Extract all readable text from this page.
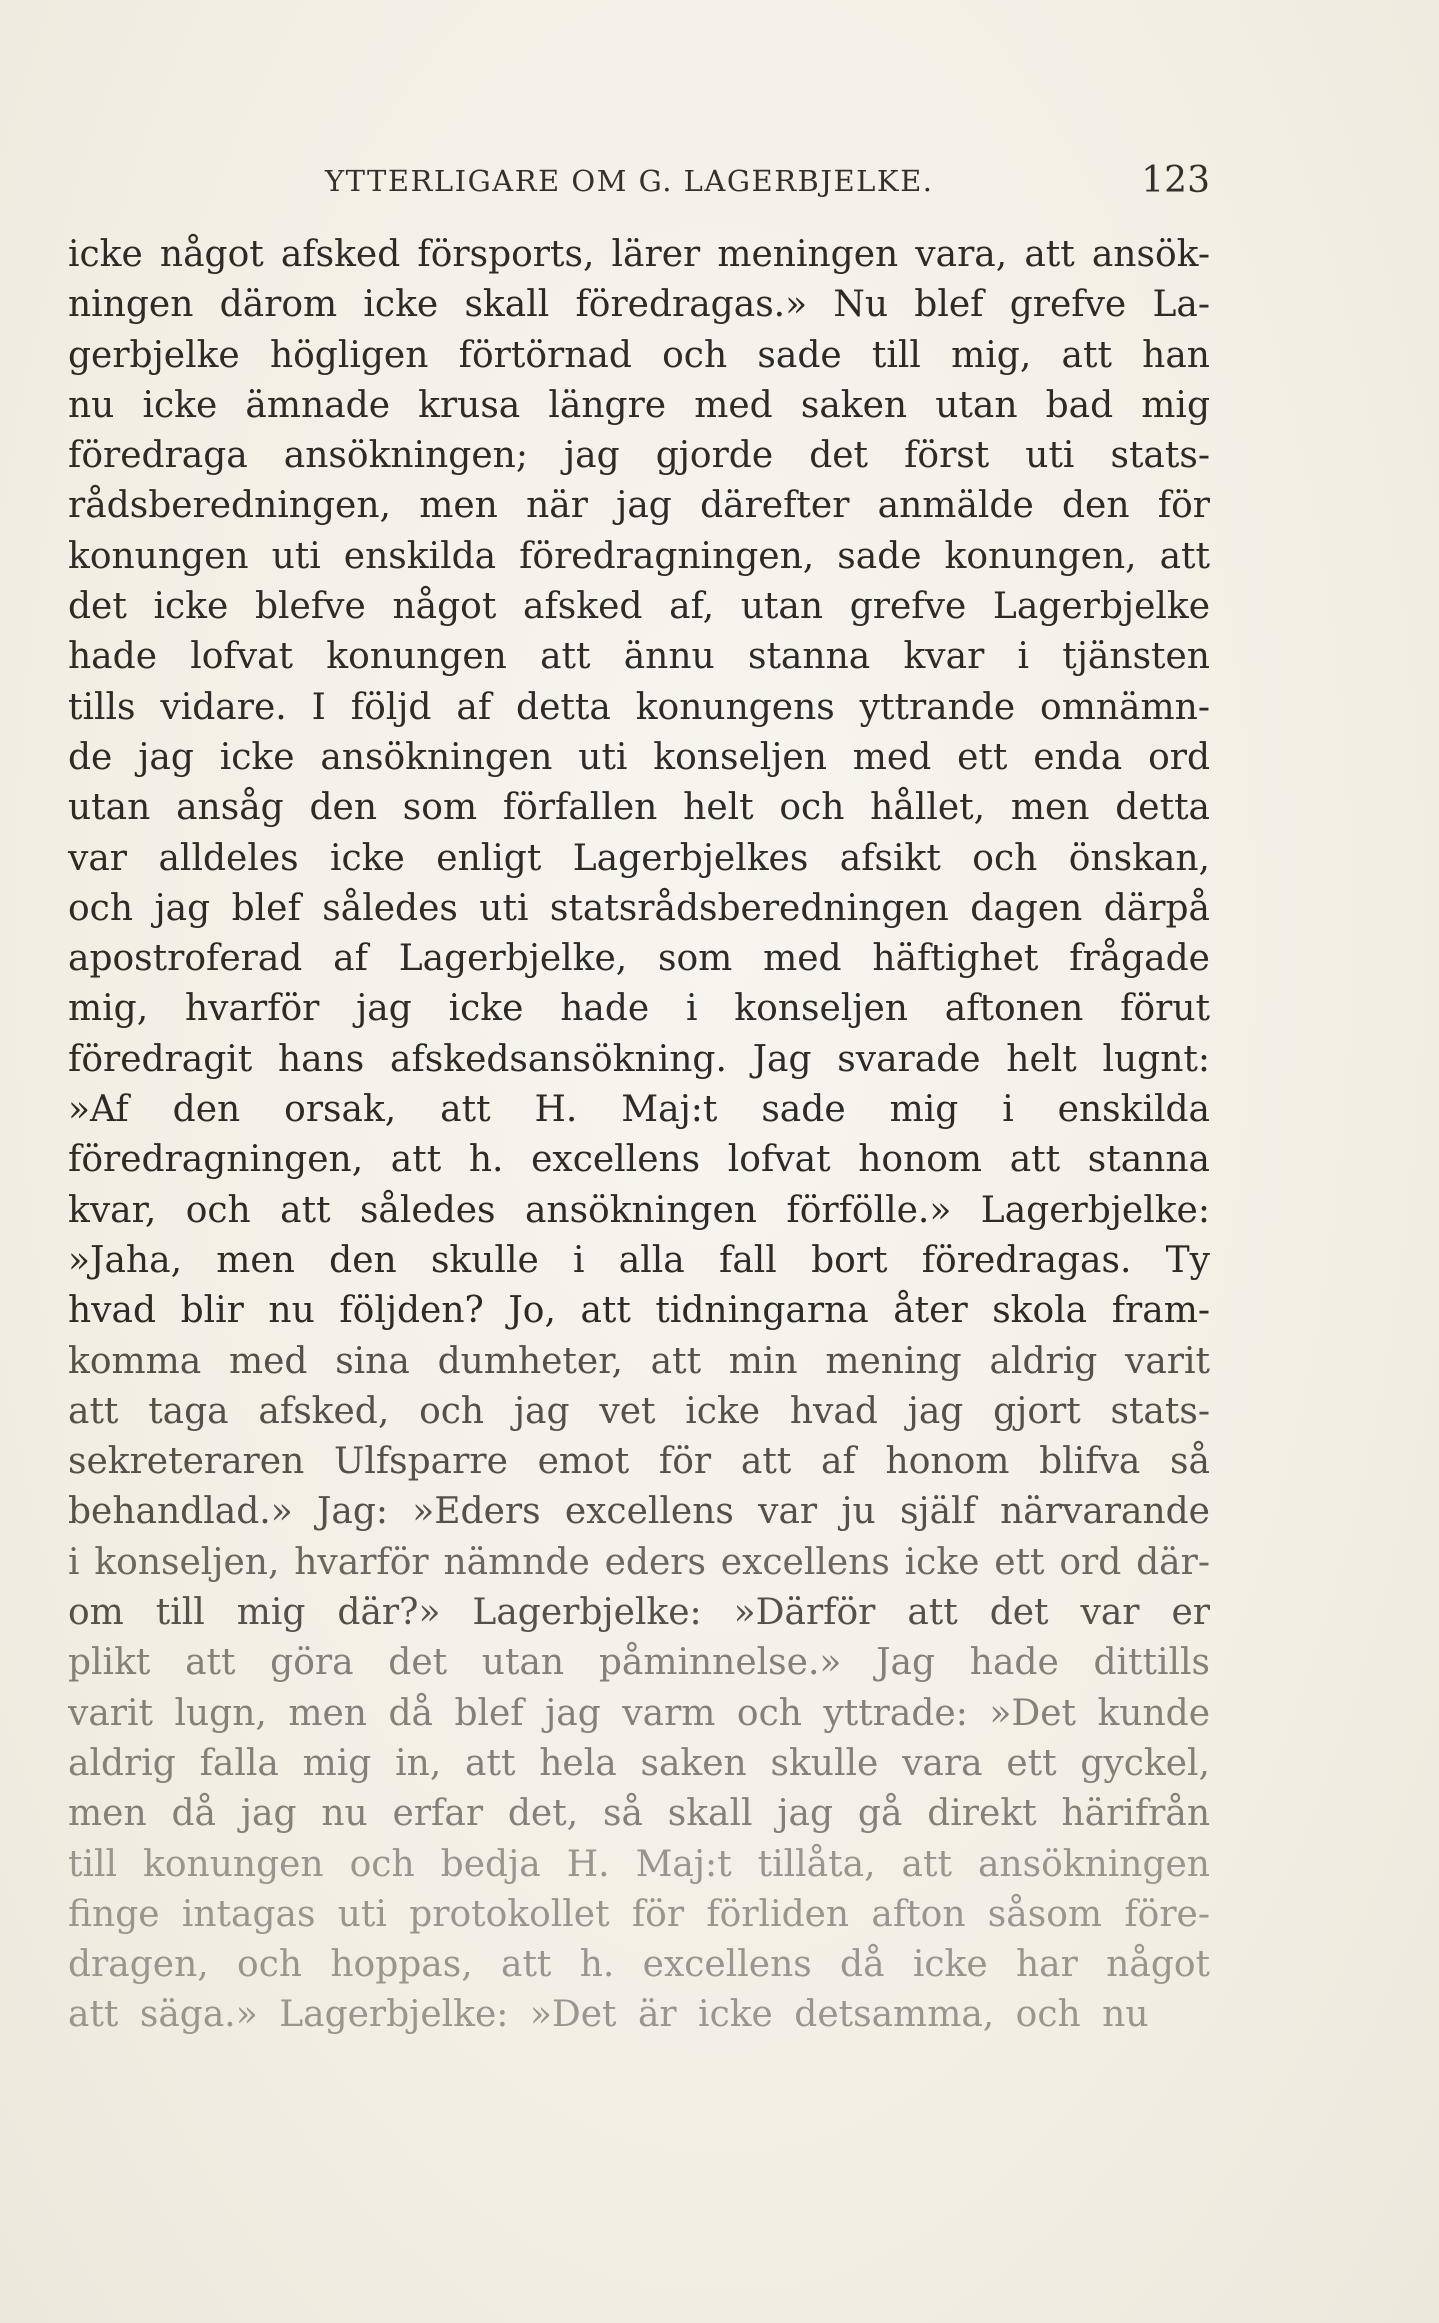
YTTERLIGARE OM G. LAGERBJELKE.	123
icke något afsked försports, lärer meningen vara, att ansök-
ningen därom icke skall föredragas.» Nu blef grefve La-
gerbjelke högligen förtörnad och sade till mig, att han
nu icke ämnade krusa längre med saken utan bad mig
föredraga ansökningen; jag gjorde det först uti stats-
rådsberedningen, men när jag därefter anmälde den för
konungen uti enskilda föredragningen, sade konungen, att
det icke blefve något afsked af, utan grefve Lagerbjelke
hade lofvat konungen att ännu stanna kvar i tjänsten
tills vidare. I följd af detta konungens yttrande omnämn-
de jag icke ansökningen uti konseljen med ett enda ord
utan ansåg den som förfallen helt och hållet, men detta
var alldeles icke enligt Lagerbjelkes afsikt och önskan,
och jag blef således uti statsrådsberedningen dagen därpå
apostroferad af Lagerbjelke, som med häftighet frågade
mig, hvarför jag icke hade i konseljen aftonen förut
föredragit hans afskedsansökning. Jag svarade helt lugnt:
»Af den orsak, att H. Maj:t sade mig i enskilda
föredragningen, att h. excellens lofvat honom att stanna
kvar, och att således ansökningen förfölle.» Lagerbjelke:
»Jaha, men den skulle i alla fall bort föredragas. Ty
hvad blir nu följden? Jo, att tidningarna åter skola fram-
komma med sina dumheter, att min mening aldrig varit
att taga afsked, och jag vet icke hvad jag gjort stats-
sekreteraren Ulfsparre emot för att af honom blifva så
behandlad.» Jag: »Eders excellens var ju själf närvarande
i konseljen, hvarför nämnde eders excellens icke ett ord där-
om till mig där?» Lagerbjelke: »Därför att det var er
plikt att göra det utan påminnelse.» Jag hade dittills
varit lugn, men då blef jag varm och yttrade: »Det kunde
aldrig falla mig in, att hela saken skulle vara ett gyckel,
men då jag nu erfar det, så skall jag gå direkt härifrån
till konungen och bedja H. Maj:t tillåta, att ansökningen
finge intagas uti protokollet för förliden afton såsom före-
dragen, och hoppas, att h. excellens då icke har något
att säga.» Lagerbjelke: »Det är icke detsamma, och nu
